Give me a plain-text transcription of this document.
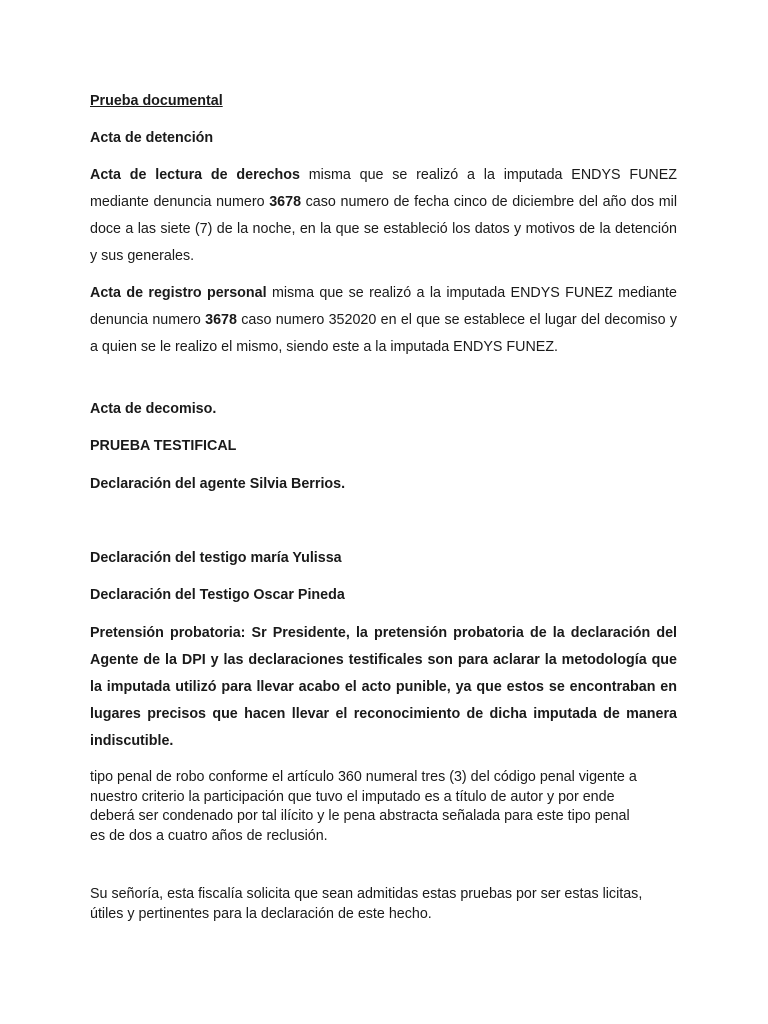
Prueba documental

Acta de detención

Acta de lectura de derechos misma que se realizó a la imputada ENDYS FUNEZ mediante denuncia numero 3678 caso numero de fecha cinco de diciembre del año dos mil doce a las siete (7) de la noche, en la que se estableció los datos y motivos de la detención y sus generales.

Acta de registro personal misma que se realizó a la imputada ENDYS FUNEZ mediante denuncia numero 3678 caso numero 352020 en el que se establece el lugar del decomiso y a quien se le realizo el mismo, siendo este a la imputada ENDYS FUNEZ.

Acta de decomiso.

PRUEBA TESTIFICAL

Declaración del agente Silvia Berrios.

Declaración del testigo maría Yulissa

Declaración del Testigo Oscar Pineda

Pretensión probatoria: Sr Presidente, la pretensión probatoria de la declaración del Agente de la DPI y las declaraciones testificales son para aclarar la metodología que la imputada utilizó para llevar acabo el acto punible, ya que estos se encontraban en lugares precisos que hacen llevar el reconocimiento de dicha imputada de manera indiscutible.

tipo penal de robo conforme el artículo 360 numeral tres (3) del código penal vigente a
nuestro criterio la participación que tuvo el imputado es a título de autor y por ende
deberá ser condenado por tal ilícito y le pena abstracta señalada para este tipo penal
es de dos a cuatro años de reclusión.
Su señoría, esta fiscalía solicita que sean admitidas estas pruebas por ser estas licitas,
útiles y pertinentes para la declaración de este hecho.
